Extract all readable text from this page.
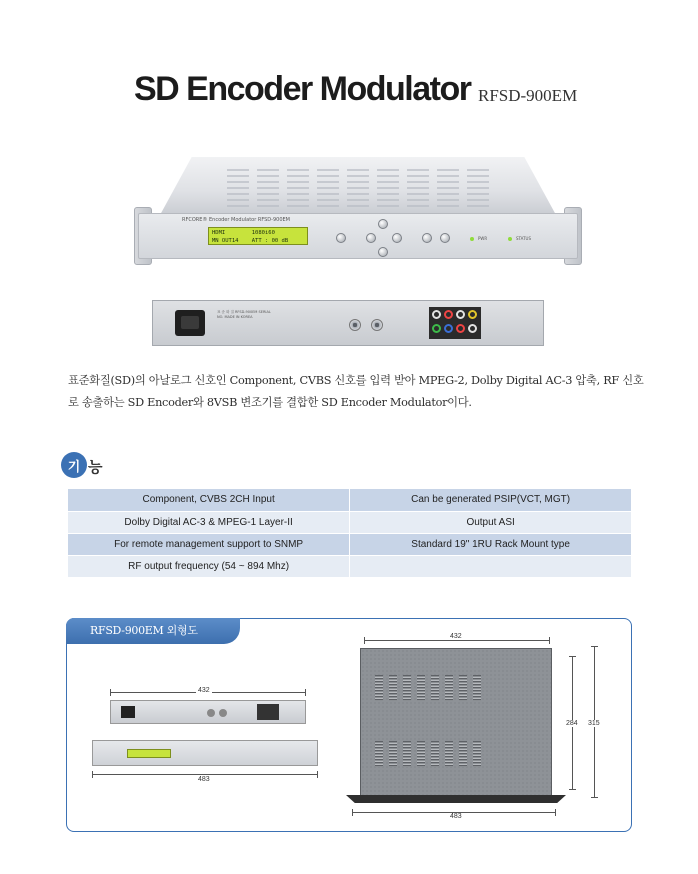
SD Encoder Modulator RFSD-900EM
RFCORE® Encoder Modulator RFSD-900EM
HDMI        1080i60
MN OUT14    ATT : 00 dB	PWR	STATUS
표 준 화 질 RFSD-900EM SERIAL NO. MADE IN KOREA
표준화질(SD)의 아날로그 신호인 Component, CVBS 신호를 입력 받아 MPEG-2, Dolby Digital AC-3 압축, RF 신호로 송출하는 SD Encoder와 8VSB 변조기를 결합한 SD Encoder Modulator이다.
기 능
Component, CVBS 2CH Input	Can be generated PSIP(VCT, MGT)
Dolby Digital AC-3 & MPEG-1 Layer-II	Output ASI
For remote management support to SNMP	Standard 19" 1RU Rack Mount type
RF output frequency (54 ~ 894 Mhz)	
RFSD-900EM 외형도
432
483
432
284 315
483
